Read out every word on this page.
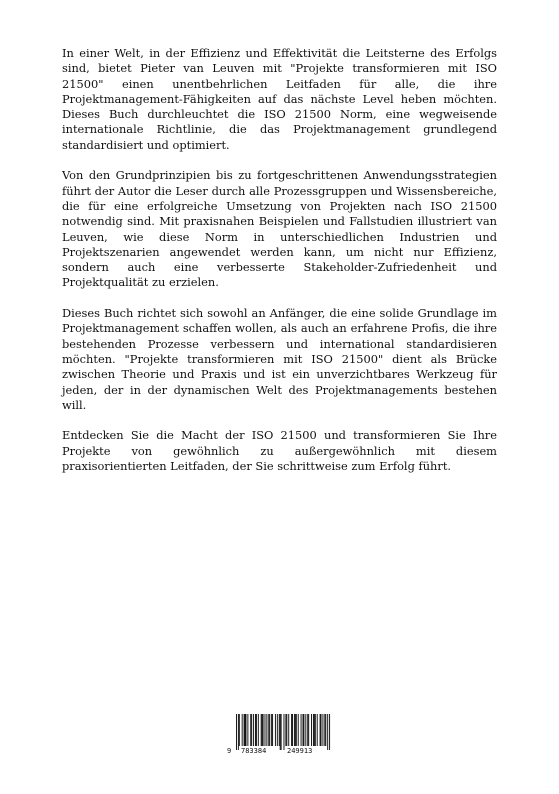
In einer Welt, in der Effizienz und Effektivität die Leitsterne des Erfolgs sind, bietet Pieter van Leuven mit "Projekte transformieren mit ISO 21500" einen unentbehrlichen Leitfaden für alle, die ihre Projektmanagement-Fähigkeiten auf das nächste Level heben möchten. Dieses Buch durchleuchtet die ISO 21500 Norm, eine wegweisende internationale Richtlinie, die das Projektmanagement grundlegend standardisiert und optimiert.

Von den Grundprinzipien bis zu fortgeschrittenen Anwendungsstrategien führt der Autor die Leser durch alle Prozessgruppen und Wissensbereiche, die für eine erfolgreiche Umsetzung von Projekten nach ISO 21500 notwendig sind. Mit praxisnahen Beispielen und Fallstudien illustriert van Leuven, wie diese Norm in unterschiedlichen Industrien und Projektszenarien angewendet werden kann, um nicht nur Effizienz, sondern auch eine verbesserte Stakeholder-Zufriedenheit und Projektqualität zu erzielen.

Dieses Buch richtet sich sowohl an Anfänger, die eine solide Grundlage im Projektmanagement schaffen wollen, als auch an erfahrene Profis, die ihre bestehenden Prozesse verbessern und international standardisieren möchten. "Projekte transformieren mit ISO 21500" dient als Brücke zwischen Theorie und Praxis und ist ein unverzichtbares Werkzeug für jeden, der in der dynamischen Welt des Projektmanagements bestehen will.

Entdecken Sie die Macht der ISO 21500 und transformieren Sie Ihre Projekte von gewöhnlich zu außergewöhnlich mit diesem praxisorientierten Leitfaden, der Sie schrittweise zum Erfolg führt.

9 783384	249913
